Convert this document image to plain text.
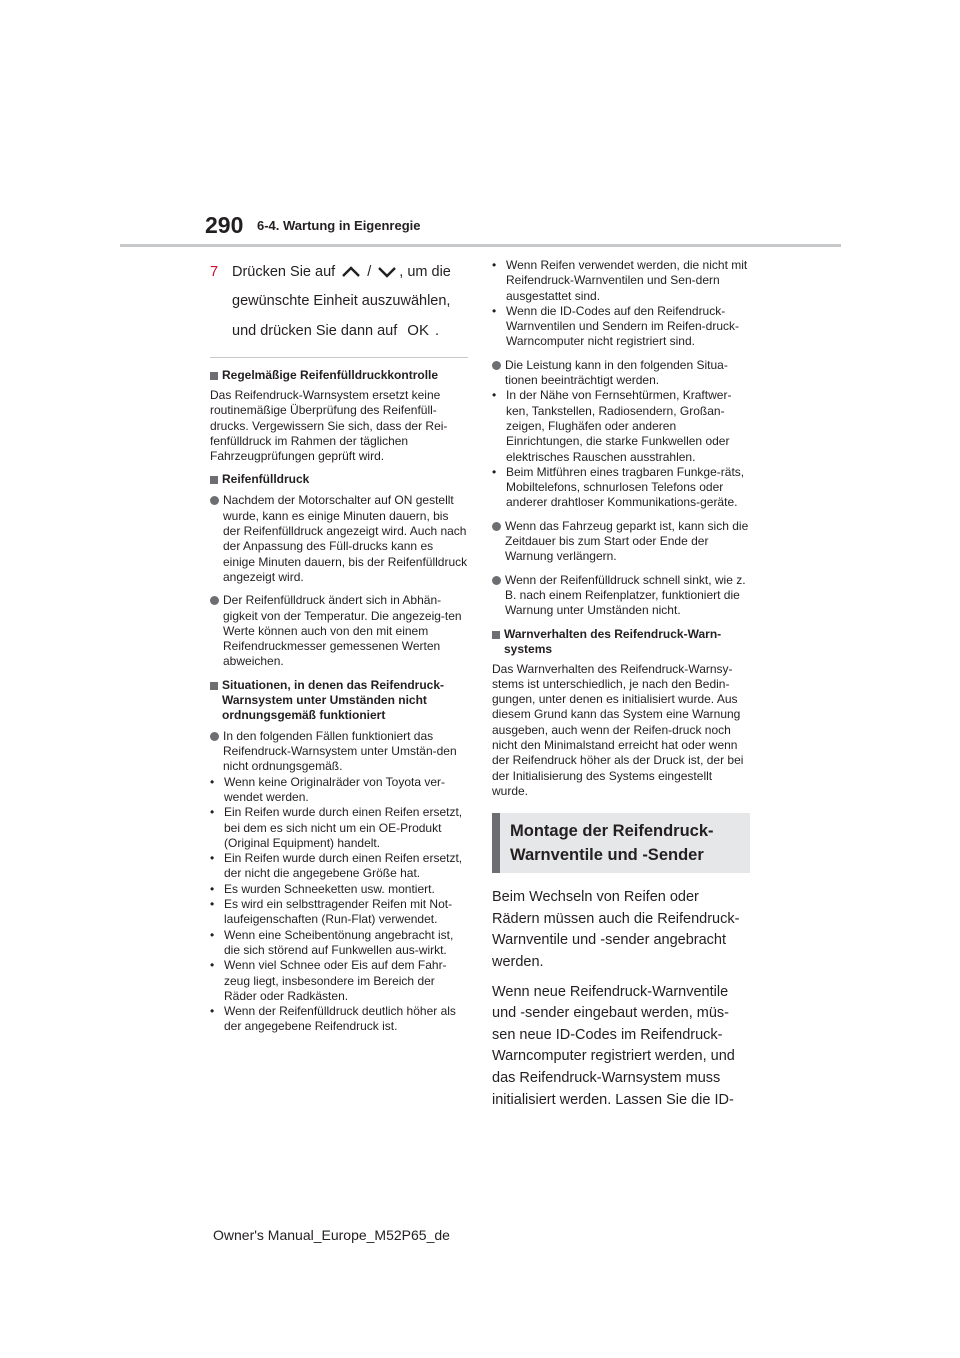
290 6-4. Wartung in Eigenregie
7 Drücken Sie auf / , um die
gewünschte Einheit auszuwählen,
und drücken Sie dann auf OK .
Regelmäßige Reifenfülldruckkontrolle

Das Reifendruck-Warnsystem ersetzt keine routinemäßige Überprüfung des Reifenfüll-drucks. Vergewissern Sie sich, dass der Rei-fenfülldruck im Rahmen der täglichen Fahrzeugprüfungen geprüft wird.

Reifenfülldruck
Nachdem der Motorschalter auf ON gestellt wurde, kann es einige Minuten dauern, bis der Reifenfülldruck angezeigt wird. Auch nach der Anpassung des Füll-drucks kann es einige Minuten dauern, bis der Reifenfülldruck angezeigt wird.
Der Reifenfülldruck ändert sich in Abhän-gigkeit von der Temperatur. Die angezeig-ten Werte können auch von den mit einem Reifendruckmesser gemessenen Werten abweichen.
Situationen, in denen das Reifendruck-Warnsystem unter Umständen nicht ordnungsgemäß funktioniert
In den folgenden Fällen funktioniert das Reifendruck-Warnsystem unter Umstän-den nicht ordnungsgemäß.
• Wenn keine Originalräder von Toyota ver-wendet werden.
• Ein Reifen wurde durch einen Reifen ersetzt, bei dem es sich nicht um ein OE-Produkt (Original Equipment) handelt.
• Ein Reifen wurde durch einen Reifen ersetzt, der nicht die angegebene Größe hat.
• Es wurden Schneeketten usw. montiert.
• Es wird ein selbsttragender Reifen mit Not-laufeigenschaften (Run-Flat) verwendet.
• Wenn eine Scheibentönung angebracht ist, die sich störend auf Funkwellen aus-wirkt.
• Wenn viel Schnee oder Eis auf dem Fahr-zeug liegt, insbesondere im Bereich der Räder oder Radkästen.
• Wenn der Reifenfülldruck deutlich höher als der angegebene Reifendruck ist.
• Wenn Reifen verwendet werden, die nicht mit Reifendruck-Warnventilen und Sen-dern ausgestattet sind.
• Wenn die ID-Codes auf den Reifendruck-Warnventilen und Sendern im Reifen-druck-Warncomputer nicht registriert sind.
Die Leistung kann in den folgenden Situa-tionen beeinträchtigt werden.
• In der Nähe von Fernsehtürmen, Kraftwer-ken, Tankstellen, Radiosendern, Großan-zeigen, Flughäfen oder anderen Einrichtungen, die starke Funkwellen oder elektrisches Rauschen ausstrahlen.
• Beim Mitführen eines tragbaren Funkge-räts, Mobiltelefons, schnurlosen Telefons oder anderer drahtloser Kommunikations-geräte.
Wenn das Fahrzeug geparkt ist, kann sich die Zeitdauer bis zum Start oder Ende der Warnung verlängern.
Wenn der Reifenfülldruck schnell sinkt, wie z. B. nach einem Reifenplatzer, funktioniert die Warnung unter Umständen nicht.
Warnverhalten des Reifendruck-Warn-systems

Das Warnverhalten des Reifendruck-Warnsy-stems ist unterschiedlich, je nach den Bedin-gungen, unter denen es initialisiert wurde. Aus diesem Grund kann das System eine Warnung ausgeben, auch wenn der Reifen-druck noch nicht den Minimalstand erreicht hat oder wenn der Reifendruck höher als der Druck ist, der bei der Initialisierung des Systems eingestellt wurde.

Montage der Reifendruck-Warnventile und -Sender

Beim Wechseln von Reifen oder Rädern müssen auch die Reifendruck-Warnventile und -sender angebracht werden.

Wenn neue Reifendruck-Warnventile und -sender eingebaut werden, müs-sen neue ID-Codes im Reifendruck-Warncomputer registriert werden, und das Reifendruck-Warnsystem muss initialisiert werden. Lassen Sie die ID-

Owner's Manual_Europe_M52P65_de
